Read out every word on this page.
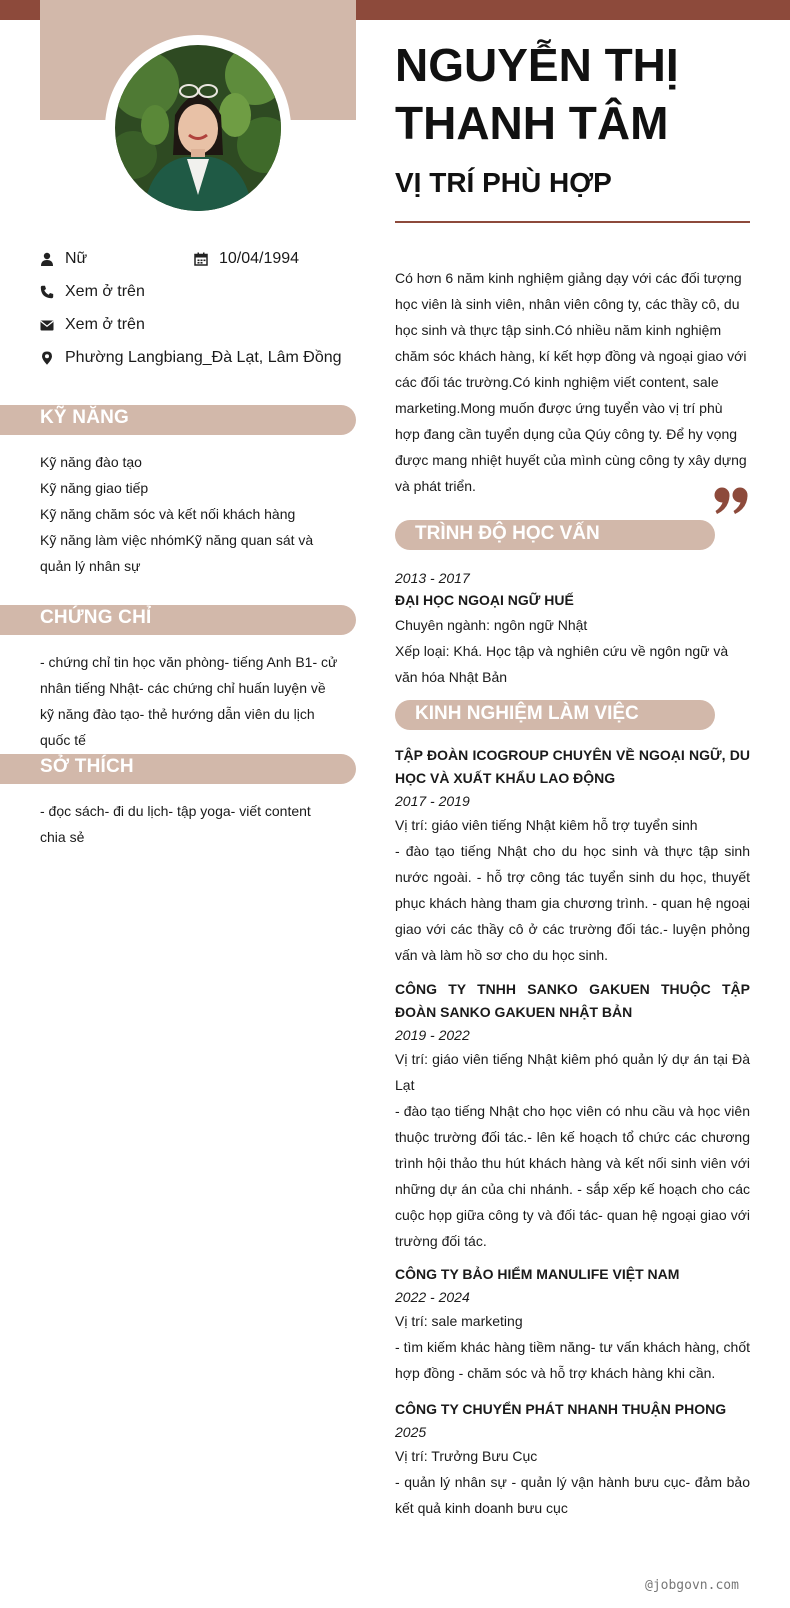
Nữ	10/04/1994
Xem ở trên
Xem ở trên
Phường Langbiang_Đà Lạt, Lâm Đồng
KỸ NĂNG
Kỹ năng đào tạo
Kỹ năng giao tiếp
Kỹ năng chăm sóc và kết nối khách hàng
Kỹ năng làm việc nhómKỹ năng quan sát và quản lý nhân sự
CHỨNG CHỈ
- chứng chỉ tin học văn phòng- tiếng Anh B1- cử nhân tiếng Nhật- các chứng chỉ huấn luyện về kỹ năng đào tạo- thẻ hướng dẫn viên du lịch quốc tế
SỞ THÍCH
- đọc sách- đi du lịch- tập yoga- viết content chia sẻ
NGUYỄN THỊ THANH TÂM
VỊ TRÍ PHÙ HỢP
Có hơn 6 năm kinh nghiệm giảng dạy với các đối tượng học viên là sinh viên, nhân viên công ty, các thầy cô, du học sinh và thực tập sinh.Có nhiều năm kinh nghiệm chăm sóc khách hàng, kí kết hợp đồng và ngoại giao với các đối tác trường.Có kinh nghiệm viết content, sale marketing.Mong muốn được ứng tuyển vào vị trí phù hợp đang cần tuyển dụng của Qúy công ty. Để hy vọng được mang nhiệt huyết của mình cùng công ty xây dựng và phát triển.
TRÌNH ĐỘ HỌC VẤN
2013 - 2017
ĐẠI HỌC NGOẠI NGỮ HUẾ
Chuyên ngành: ngôn ngữ Nhật
Xếp loại: Khá. Học tập và nghiên cứu về ngôn ngữ và văn hóa Nhật Bản
KINH NGHIỆM LÀM VIỆC
TẬP ĐOÀN ICOGROUP CHUYÊN VỀ NGOẠI NGỮ, DU HỌC VÀ XUẤT KHẨU LAO ĐỘNG
2017 - 2019
Vị trí: giáo viên tiếng Nhật kiêm hỗ trợ tuyển sinh
- đào tạo tiếng Nhật cho du học sinh và thực tập sinh nước ngoài. - hỗ trợ công tác tuyển sinh du học, thuyết phục khách hàng tham gia chương trình. - quan hệ ngoại giao với các thầy cô ở các trường đối tác.- luyện phỏng vấn và làm hồ sơ cho du học sinh.
CÔNG TY TNHH SANKO GAKUEN THUỘC TẬP ĐOÀN SANKO GAKUEN NHẬT BẢN
2019 - 2022
Vị trí: giáo viên tiếng Nhật kiêm phó quản lý dự án tại Đà Lạt
- đào tạo tiếng Nhật cho học viên có nhu cầu và học viên thuộc trường đối tác.- lên kế hoạch tổ chức các chương trình hội thảo thu hút khách hàng và kết nối sinh viên với những dự án của chi nhánh. - sắp xếp kế hoạch cho các cuộc họp giữa công ty và đối tác- quan hệ ngoại giao với trường đối tác.
CÔNG TY BẢO HIỂM MANULIFE VIỆT NAM
2022 - 2024
Vị trí: sale marketing
- tìm kiếm khác hàng tiềm năng- tư vấn khách hàng, chốt hợp đồng - chăm sóc và hỗ trợ khách hàng khi cần.
CÔNG TY CHUYỂN PHÁT NHANH THUẬN PHONG
2025
Vị trí: Trưởng Bưu Cục
- quản lý nhân sự - quản lý vận hành bưu cục- đảm bảo kết quả kinh doanh bưu cục
@jobgovn.com
